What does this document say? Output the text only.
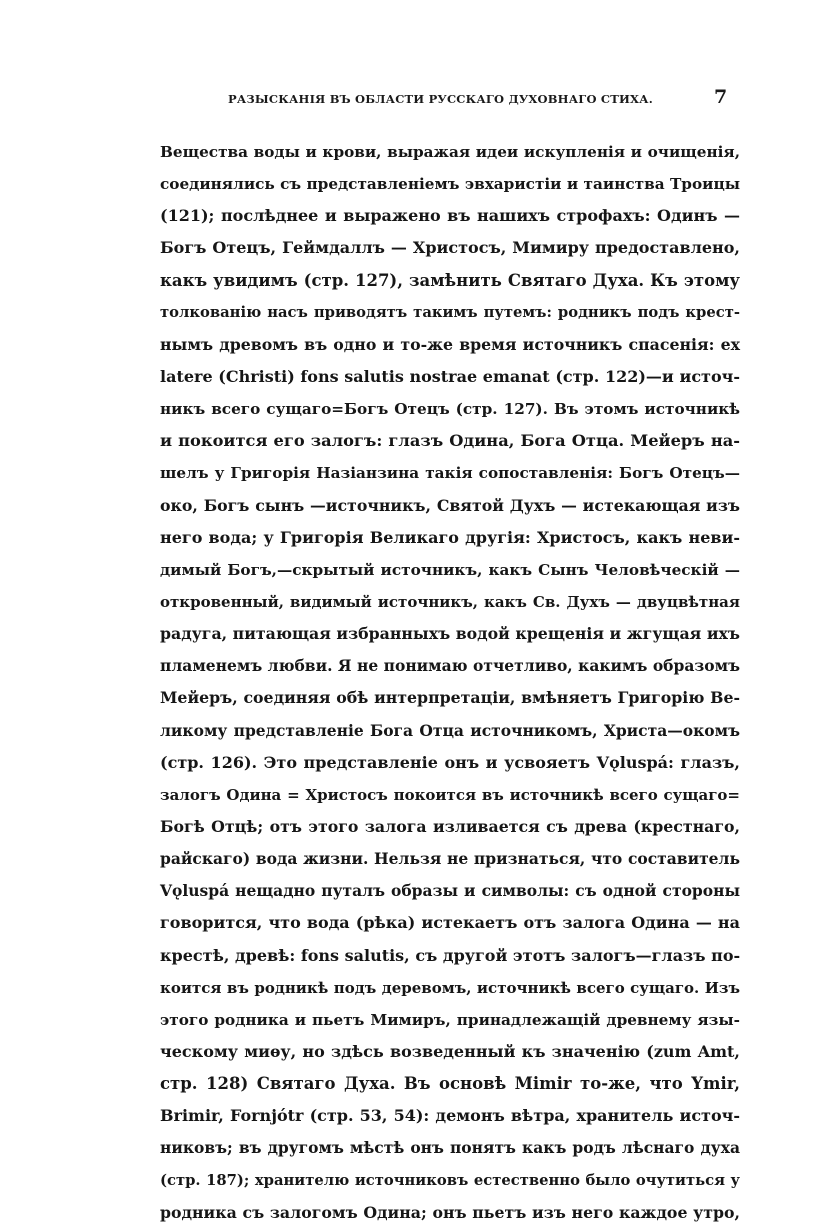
РАЗЫСКАНІЯ ВЪ ОБЛАСТИ РУССКАГО ДУХОВНАГО СТИХА.	7
Вещества воды и крови, выражая идеи искупленія и очищенія,
соединялись съ представленіемъ эвхаристіи и таинства Троицы
(121); послѣднее и выражено въ нашихъ строфахъ: Одинъ —
Богъ Отецъ, Геймдаллъ — Христосъ, Мимиру предоставлено,
какъ увидимъ (стр. 127), замѣнить Святаго Духа. Къ этому
толкованію насъ приводятъ такимъ путемъ: родникъ подъ крест-
нымъ древомъ въ одно и то-же время источникъ спасенія: ex
latere (Christi) fons salutis nostrae emanat (стр. 122)—и источ-
никъ всего сущаго=Богъ Отецъ (стр. 127). Въ этомъ источникѣ
и покоится его залогъ: глазъ Одина, Бога Отца. Мейеръ на-
шелъ у Григорія Назіанзина такія сопоставленія: Богъ Отецъ—
око, Богъ сынъ —источникъ, Святой Духъ — истекающая изъ
него вода; у Григорія Великаго другія: Христосъ, какъ неви-
димый Богъ,—скрытый источникъ, какъ Сынъ Человѣческій —
откровенный, видимый источникъ, какъ Св. Духъ — двуцвѣтная
радуга, питающая избранныхъ водой крещенія и жгущая ихъ
пламенемъ любви. Я не понимаю отчетливо, какимъ образомъ
Мейеръ, соединяя обѣ интерпретаціи, вмѣняетъ Григорію Ве-
ликому представленіе Бога Отца источникомъ, Христа—окомъ
(стр. 126). Это представленіе онъ и усвояетъ Vǫluspá: глазъ,
залогъ Одина = Христосъ покоится въ источникѣ всего сущаго=
Богѣ Отцѣ; отъ этого залога изливается съ древа (крестнаго,
райскаго) вода жизни. Нельзя не признаться, что составитель
Vǫluspá нещадно путалъ образы и символы: съ одной стороны
говорится, что вода (рѣка) истекаетъ отъ залога Одина — на
крестѣ, древѣ: fons salutis, съ другой этотъ залогъ—глазъ по-
коится въ родникѣ подъ деревомъ, источникѣ всего сущаго. Изъ
этого родника и пьетъ Мимиръ, принадлежащій древнему язы-
ческому миѳу, но здѣсь возведенный къ значенію (zum Amt,
стр. 128) Святаго Духа. Въ основѣ Mimir то-же, что Ymir,
Brimir, Fornjótr (стр. 53, 54): демонъ вѣтра, хранитель источ-
никовъ; въ другомъ мѣстѣ онъ понятъ какъ родъ лѣснаго духа
(стр. 187); хранителю источниковъ естественно было очутиться у
родника съ залогомъ Одина; онъ пьетъ изъ него каждое утро,
